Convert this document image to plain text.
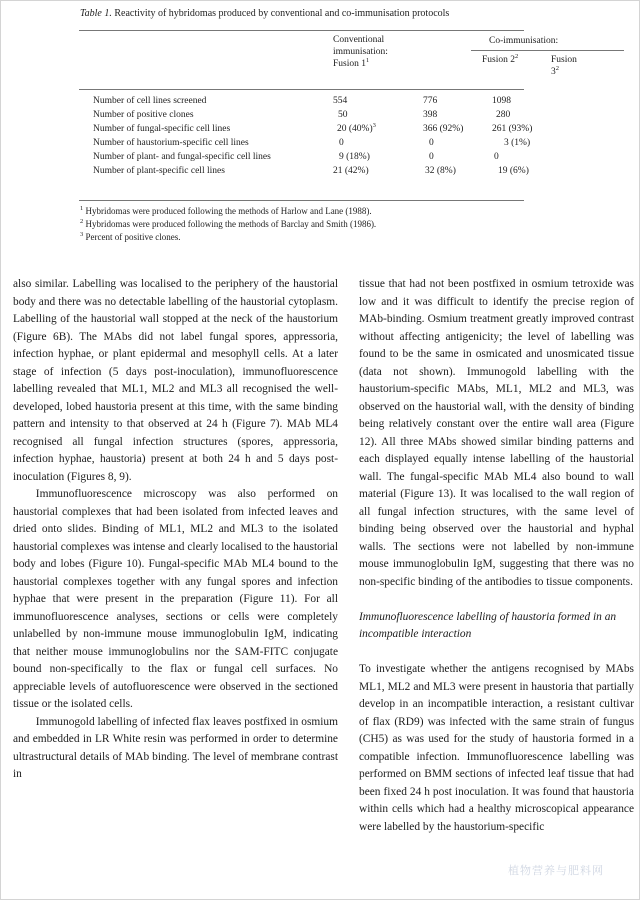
Table 1. Reactivity of hybridomas produced by conventional and co-immunisation protocols
Conventional
immunisation:
Fusion $1^1$
Co-immunisation:
Fusion $2^2$	Fusion $3^2$
Number of cell lines screened	554	776	1098
Number of positive clones	50	398	280
Number of fungal-specific cell lines	20 $(40\%)^3$	366 (92%)	261 (93%)
Number of haustorium-specific cell lines	0	0	3 (1%)
Number of plant- and fungal-specific cell lines	9 (18%)	0	0
Number of plant-specific cell lines	21 (42%)	32 (8%)	19 (6%)
$^1$ Hybridomas were produced following the methods of Harlow and Lane (1988).
$^2$ Hybridomas were produced following the methods of Barclay and Smith (1986).
$^3$ Percent of positive clones.

also similar. Labelling was localised to the periphery of the haustorial body and there was no detectable labelling of the haustorial cytoplasm. Labelling of the haustorial wall stopped at the neck of the haustorium (Figure 6B). The MAbs did not label fungal spores, appressoria, infection hyphae, or plant epidermal and mesophyll cells. At a later stage of infection (5 days post-inoculation), immunofluorescence labelling revealed that ML1, ML2 and ML3 all recognised the well-developed, lobed haustoria present at this time, with the same binding pattern and intensity to that observed at 24 h (Figure 7). MAb ML4 recognised all fungal infection structures (spores, appressoria, infection hyphae, haustoria) present at both 24 h and 5 days post-inoculation (Figures 8, 9).

Immunofluorescence microscopy was also performed on haustorial complexes that had been isolated from infected leaves and dried onto slides. Binding of ML1, ML2 and ML3 to the isolated haustorial complexes was intense and clearly localised to the haustorial body and lobes (Figure 10). Fungal-specific MAb ML4 bound to the haustorial complexes together with any fungal spores and infection hyphae that were present in the preparation (Figure 11). For all immunofluorescence analyses, sections or cells were completely unlabelled by non-immune mouse immunoglobulin IgM, indicating that neither mouse immunoglobulins nor the SAM-FITC conjugate bound non-specifically to the flax or fungal cell surfaces. No appreciable levels of autofluorescence were observed in the sectioned tissue or the isolated cells.

Immunogold labelling of infected flax leaves postfixed in osmium and embedded in LR White resin was performed in order to determine ultrastructural details of MAb binding. The level of membrane contrast in

tissue that had not been postfixed in osmium tetroxide was low and it was difficult to identify the precise region of MAb-binding. Osmium treatment greatly improved contrast without affecting antigenicity; the level of labelling was found to be the same in osmicated and unosmicated tissue (data not shown). Immunogold labelling with the haustorium-specific MAbs, ML1, ML2 and ML3, was observed on the haustorial wall, with the density of binding being relatively constant over the entire wall area (Figure 12). All three MAbs showed similar binding patterns and each displayed equally intense labelling of the haustorial wall. The fungal-specific MAb ML4 also bound to wall material (Figure 13). It was localised to the wall region of all fungal infection structures, with the same level of binding being observed over the haustorial and hyphal walls. The sections were not labelled by non-immune mouse immunoglobulin IgM, suggesting that there was no non-specific binding of the antibodies to tissue components.

Immunofluorescence labelling of haustoria formed in an incompatible interaction

To investigate whether the antigens recognised by MAbs ML1, ML2 and ML3 were present in haustoria that partially develop in an incompatible interaction, a resistant cultivar of flax (RD9) was infected with the same strain of fungus (CH5) as was used for the study of haustoria formed in a compatible infection. Immunofluorescence labelling was performed on BMM sections of infected leaf tissue that had been fixed 24 h post inoculation. It was found that haustoria within cells which had a healthy microscopical appearance were labelled by the haustorium-specific

植物营养与肥料网
